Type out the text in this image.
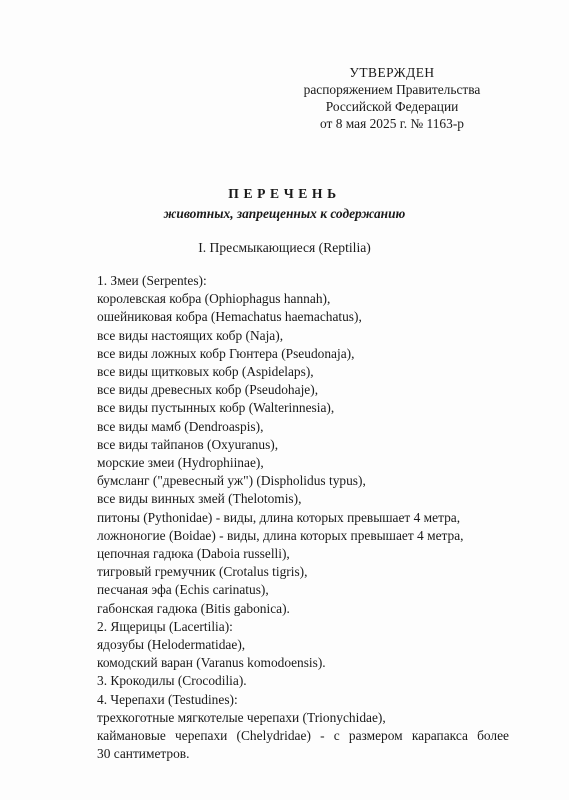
УТВЕРЖДЕН
распоряжением Правительства
Российской Федерации
от 8 мая 2025 г. № 1163-р
ПЕРЕЧЕНЬ
животных, запрещенных к содержанию
I. Пресмыкающиеся (Reptilia)
1. Змеи (Serpentes):
королевская кобра (Ophiophagus hannah),
ошейниковая кобра (Hemachatus haemachatus),
все виды настоящих кобр (Naja),
все виды ложных кобр Гюнтера (Pseudonaja),
все виды щитковых кобр (Aspidelaps),
все виды древесных кобр (Pseudohaje),
все виды пустынных кобр (Walterinnesia),
все виды мамб (Dendroaspis),
все виды тайпанов (Oxyuranus),
морские змеи (Hydrophiinae),
бумсланг ("древесный уж") (Dispholidus typus),
все виды винных змей (Thelotomis),
питоны (Pythonidae) - виды, длина которых превышает 4 метра,
ложноногие (Boidae) - виды, длина которых превышает 4 метра,
цепочная гадюка (Daboia russelli),
тигровый гремучник (Crotalus tigris),
песчаная эфа (Echis carinatus),
габонская гадюка (Bitis gabonica).
2. Ящерицы (Lacertilia):
ядозубы (Helodermatidae),
комодский варан (Varanus komodoensis).
3. Крокодилы (Crocodilia).
4. Черепахи (Testudines):
трехкоготные мягкотелые черепахи (Trionychidae),
каймановые черепахи (Chelydridae) - с размером карапакса более
30 сантиметров.
